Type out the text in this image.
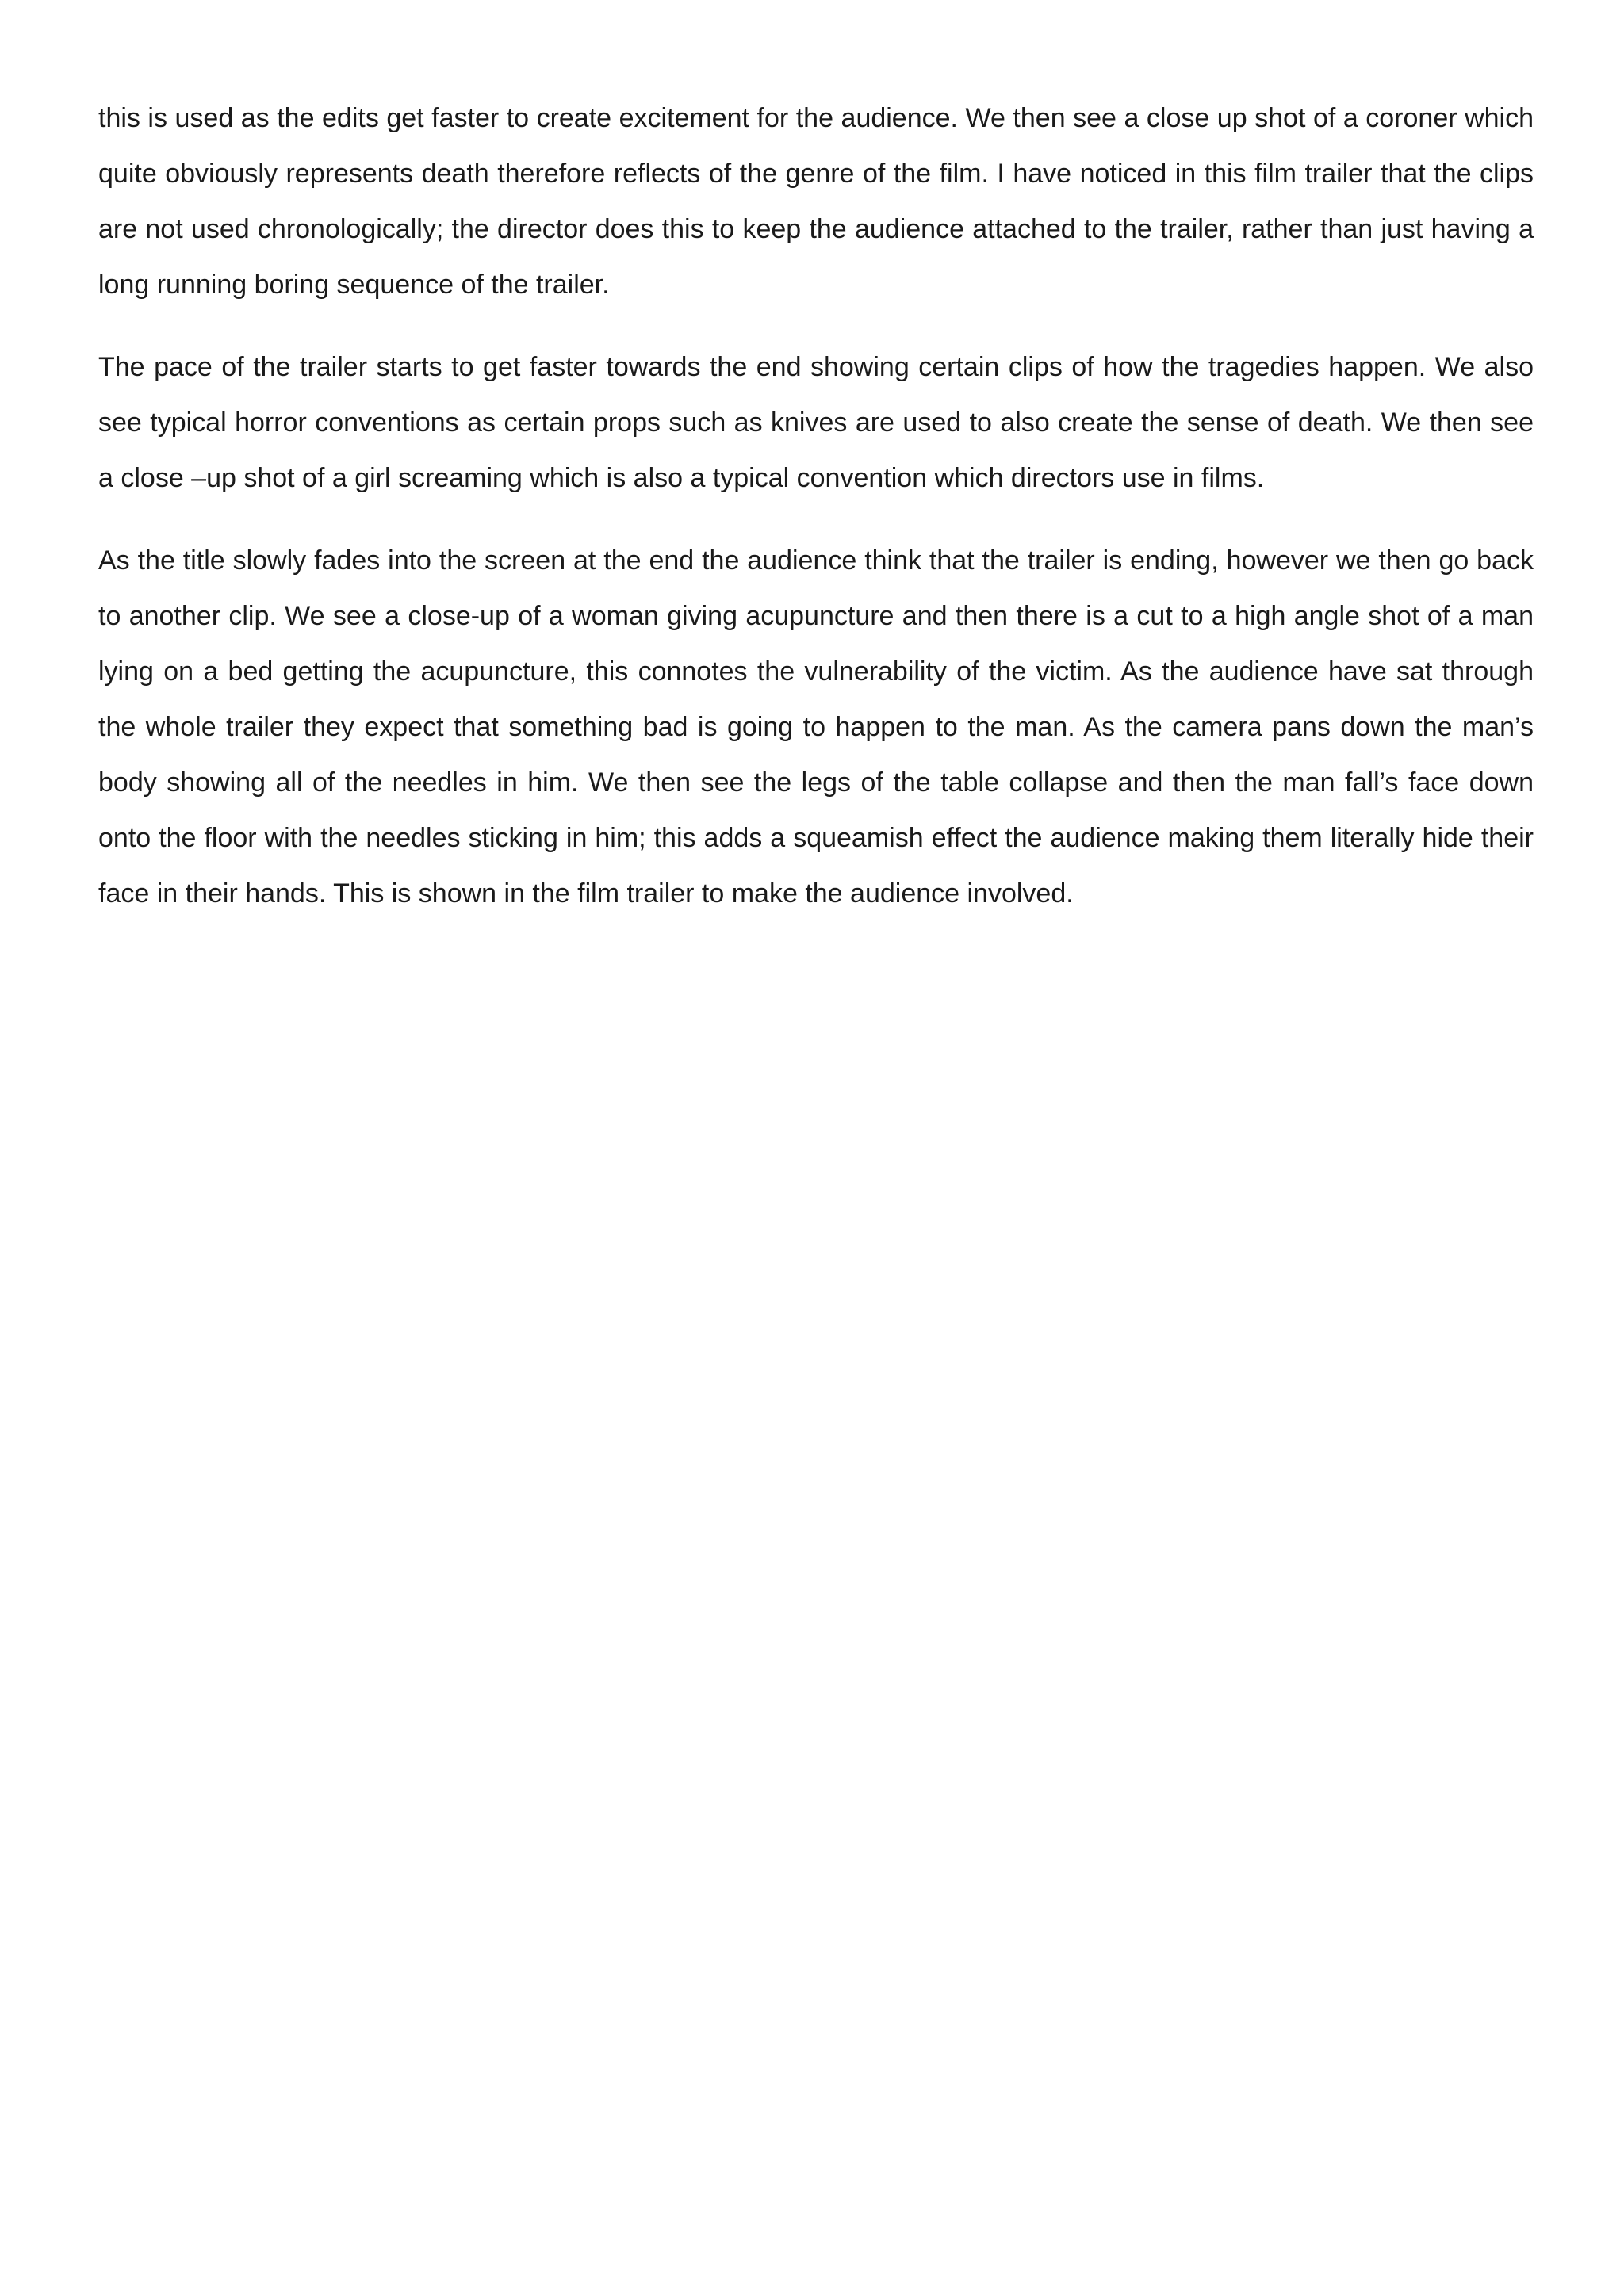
this is used as the edits get faster to create excitement for the audience. We then see a close up shot of a coroner which quite obviously represents death therefore reflects of the genre of the film. I have noticed in this film trailer that the clips are not used chronologically; the director does this to keep the audience attached to the trailer, rather than just having a long running boring sequence of the trailer.

The pace of the trailer starts to get faster towards the end showing certain clips of how the tragedies happen. We also see typical horror conventions as certain props such as knives are used to also create the sense of death. We then see a close –up shot of a girl screaming which is also a typical convention which directors use in films.

As the title slowly fades into the screen at the end the audience think that the trailer is ending, however we then go back to another clip. We see a close-up of a woman giving acupuncture and then there is a cut to a high angle shot of a man lying on a bed getting the acupuncture, this connotes the vulnerability of the victim. As the audience have sat through the whole trailer they expect that something bad is going to happen to the man. As the camera pans down the man’s body showing all of the needles in him. We then see the legs of the table collapse and then the man fall’s face down onto the floor with the needles sticking in him; this adds a squeamish effect the audience making them literally hide their face in their hands. This is shown in the film trailer to make the audience involved.
